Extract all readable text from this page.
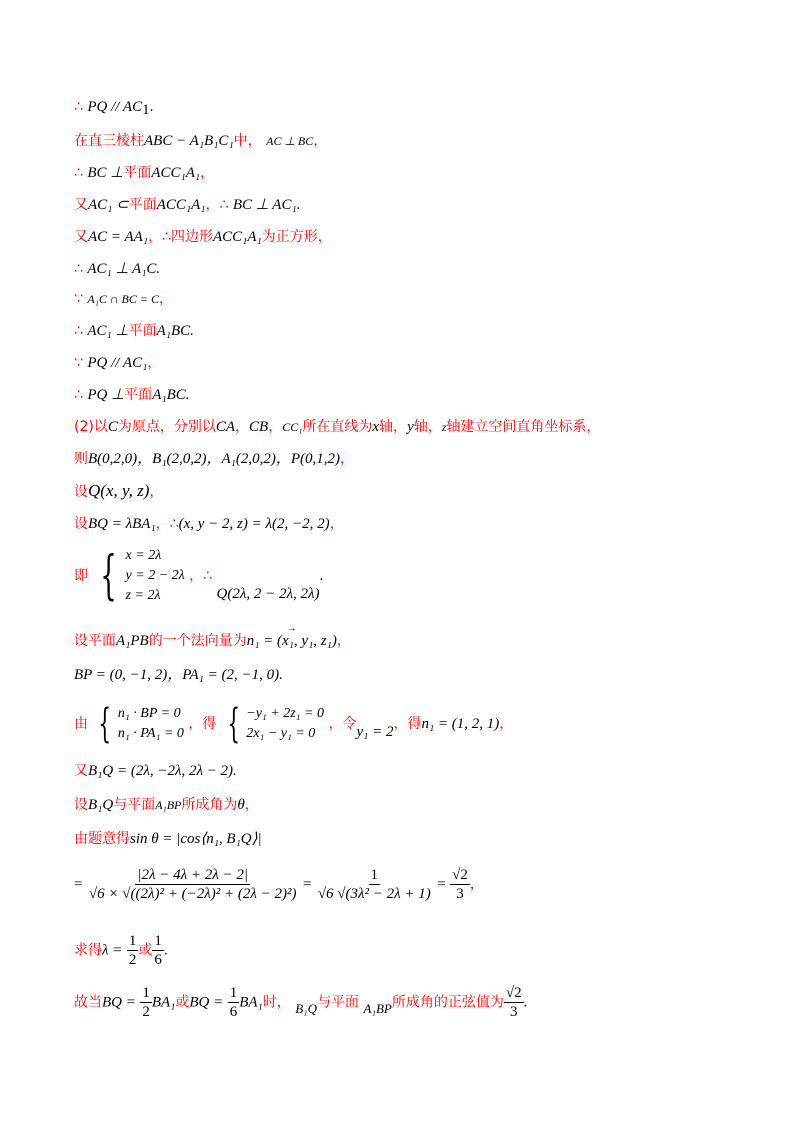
∴ PQ // $AC_1$.
在直三棱柱ABC − A₁B₁C₁中， AC ⊥ BC，
∴ BC ⊥平面ACC₁A₁，
又AC₁ ⊂平面ACC₁A₁，∴ BC ⊥ AC₁.
又AC = AA₁，∴四边形ACC₁A₁为正方形，
∴ AC₁ ⊥ A₁C.
∵ A₁C ∩ BC = C，
∴ AC₁ ⊥平面A₁BC.
∵ PQ // AC₁，
∴ PQ ⊥平面A₁BC.
(2)以C为原点，分别以CA，CB，CC₁所在直线为x轴，y轴，z轴建立空间直角坐标系，
则B(0,2,0)，B₁(2,0,2)，A₁(2,0,2)，P(0,1,2)，
设Q(x, y, z)，
设BQ = λBA₁，∴(x, y − 2, z) = λ(2, −2, 2)，
即 { x = 2λ
y = 2 − 2λ
z = 2λ
，∴ Q(2λ, 2 − 2λ, 2λ).
设平面A₁PB的一个法向量为→ n₁ = (x₁, y₁, z₁)，
BP = (0, −1, 2)，PA₁ = (2, −1, 0).
由 { n₁ · BP = 0
n₁ · PA₁ = 0
，得 { −y₁ + 2z₁ = 0
2x₁ − y₁ = 0
，令y₁ = 2，得n₁ = (1, 2, 1)，
又B₁Q = (2λ, −2λ, 2λ − 2).
设B₁Q与平面A₁BP所成角为θ，
由题意得sin θ = |cos⟨n₁, B₁Q⟩|
= $\frac{|2\lambda - 4\lambda + 2\lambda - 2|}{\text{√6 × √((2λ)² + (−2λ)² + (2λ − 2)²)}} = \frac{1}{\text{√6 √(3λ² − 2λ + 1)}} = \frac{√2}{3}$ ，
求得$\lambda = \frac{1}{2}$ 或 $\frac{1}{6}$ .
故当BQ = $\frac{1}{2} BA_1$或BQ = $\frac{1}{6} BA_1$时， B₁Q与平面 A₁BP所成角的正弦值为 $\frac{√2}{3}$ .
